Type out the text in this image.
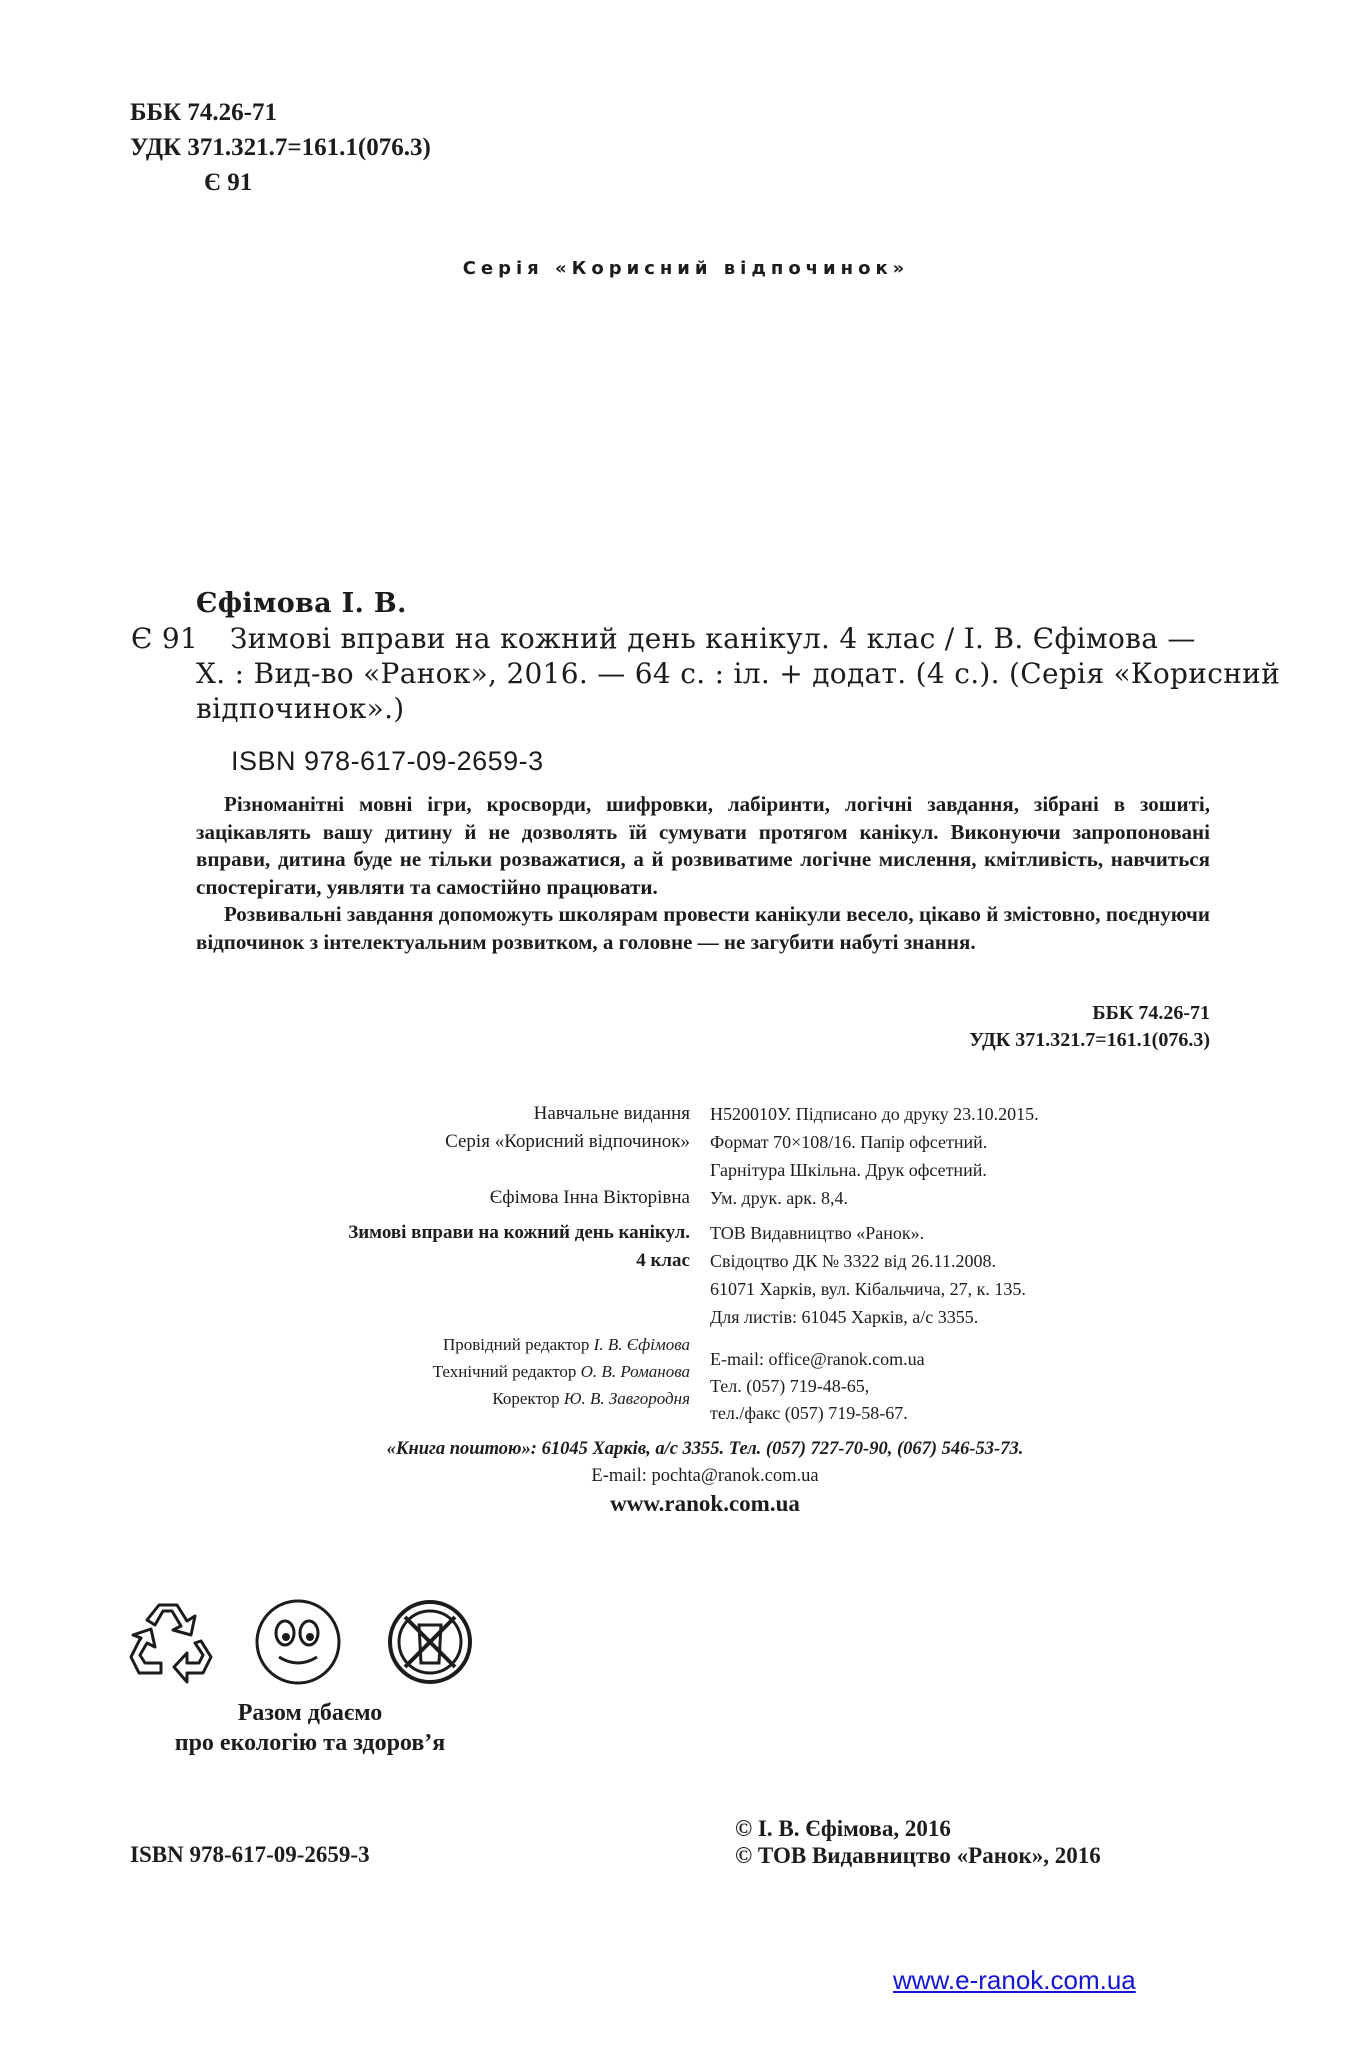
ББК 74.26-71
УДК 371.321.7=161.1(076.3)
Є 91
Серія «Корисний відпочинок»
Єфімова І. В.
Є 91 Зимові вправи на кожний день канікул. 4 клас / І. В. Єфімова —
Х. : Вид-во «Ранок», 2016. — 64 с. : іл. + додат. (4 с.). (Серія «Корисний
відпочинок».)
ISBN 978-617-09-2659-3

Різноманітні мовні ігри, кросворди, шифровки, лабіринти, логічні завдання, зібрані в зошиті, зацікавлять вашу дитину й не дозволять їй сумувати протягом канікул. Виконуючи запропоновані вправи, дитина буде не тільки розважатися, а й розвиватиме логічне мислення, кмітливість, навчиться спостерігати, уявляти та самостійно працювати.

Розвивальні завдання допоможуть школярам провести канікули весело, цікаво й змістовно, поєднуючи відпочинок з інтелектуальним розвитком, а головне — не загубити набуті знання.

ББК 74.26-71
УДК 371.321.7=161.1(076.3)
Навчальне видання
Серія «Корисний відпочинок»
Єфімова Інна Вікторівна
Зимові вправи на кожний день канікул.
4 клас
Провідний редактор І. В. Єфімова
Технічний редактор О. В. Романова
Коректор Ю. В. Завгородня
Н520010У. Підписано до друку 23.10.2015.
Формат 70×108/16. Папір офсетний.
Гарнітура Шкільна. Друк офсетний.
Ум. друк. арк. 8,4.
ТОВ Видавництво «Ранок».
Свідоцтво ДК № 3322 від 26.11.2008.
61071 Харків, вул. Кібальчича, 27, к. 135.
Для листів: 61045 Харків, а/с 3355.
E-mail: office@ranok.com.ua
Тел. (057) 719-48-65,
тел./факс (057) 719-58-67.
«Книга поштою»: 61045 Харків, а/с 3355. Тел. (057) 727-70-90, (067) 546-53-73.
E-mail: pochta@ranok.com.ua
www.ranok.com.ua
Разом дбаємо
про екологію та здоров’я
ISBN 978-617-09-2659-3
© І. В. Єфімова, 2016
© ТОВ Видавництво «Ранок», 2016
www.e-ranok.com.ua
